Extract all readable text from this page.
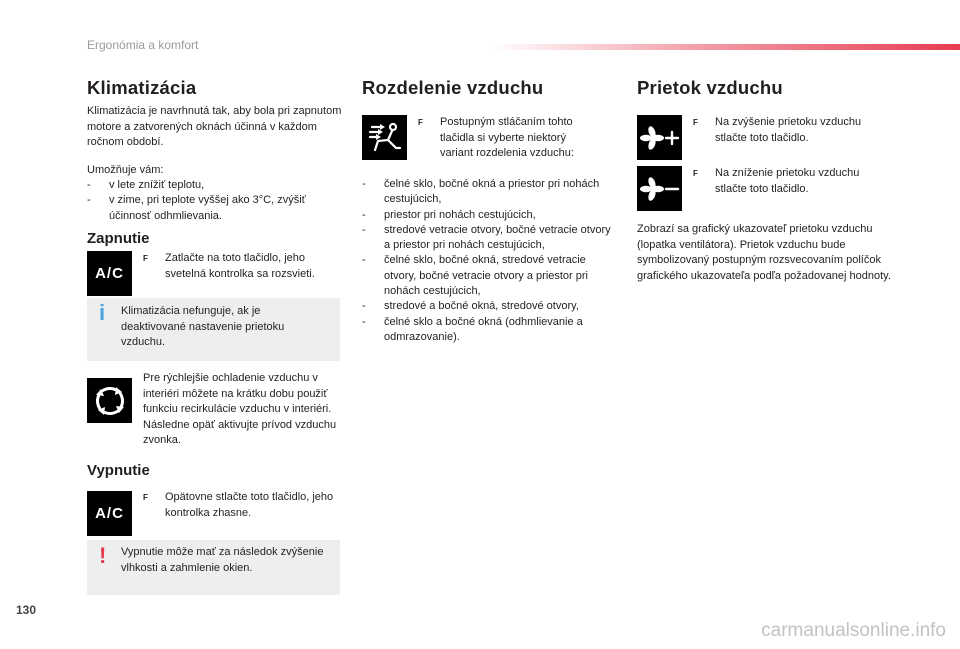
Ergonómia a komfort
Klimatizácia
Klimatizácia je navrhnutá tak, aby bola pri zapnutom motore a zatvorených oknách účinná v každom ročnom období.
Umožňuje vám:
- v lete znížiť teplotu,
- v zime, pri teplote vyššej ako 3°C, zvýšiť účinnosť odhmlievania.
Zapnutie
A/C
F Zatlačte na toto tlačidlo, jeho svetelná kontrolka sa rozsvieti.
i Klimatizácia nefunguje, ak je deaktivované nastavenie prietoku vzduchu.
Pre rýchlejšie ochladenie vzduchu v interiéri môžete na krátku dobu použiť funkciu recirkulácie vzduchu v interiéri. Následne opäť aktivujte prívod vzduchu zvonka.
Vypnutie
A/C
F Opätovne stlačte toto tlačidlo, jeho kontrolka zhasne.
! Vypnutie môže mať za následok zvýšenie vlhkosti a zahmlenie okien.
Rozdelenie vzduchu
F Postupným stláčaním tohto tlačidla si vyberte niektorý variant rozdelenia vzduchu:
- čelné sklo, bočné okná a priestor pri nohách cestujúcich,
- priestor pri nohách cestujúcich,
- stredové vetracie otvory, bočné vetracie otvory a priestor pri nohách cestujúcich,
- čelné sklo, bočné okná, stredové vetracie otvory, bočné vetracie otvory a priestor pri nohách cestujúcich,
- stredové a bočné okná, stredové otvory,
- čelné sklo a bočné okná (odhmlievanie a odmrazovanie).
Prietok vzduchu
F Na zvýšenie prietoku vzduchu stlačte toto tlačidlo.
F Na zníženie prietoku vzduchu stlačte toto tlačidlo.
Zobrazí sa grafický ukazovateľ prietoku vzduchu (lopatka ventilátora). Prietok vzduchu bude symbolizovaný postupným rozsvecovaním políčok grafického ukazovateľa podľa požadovanej hodnoty.
130
carmanualsonline.info
